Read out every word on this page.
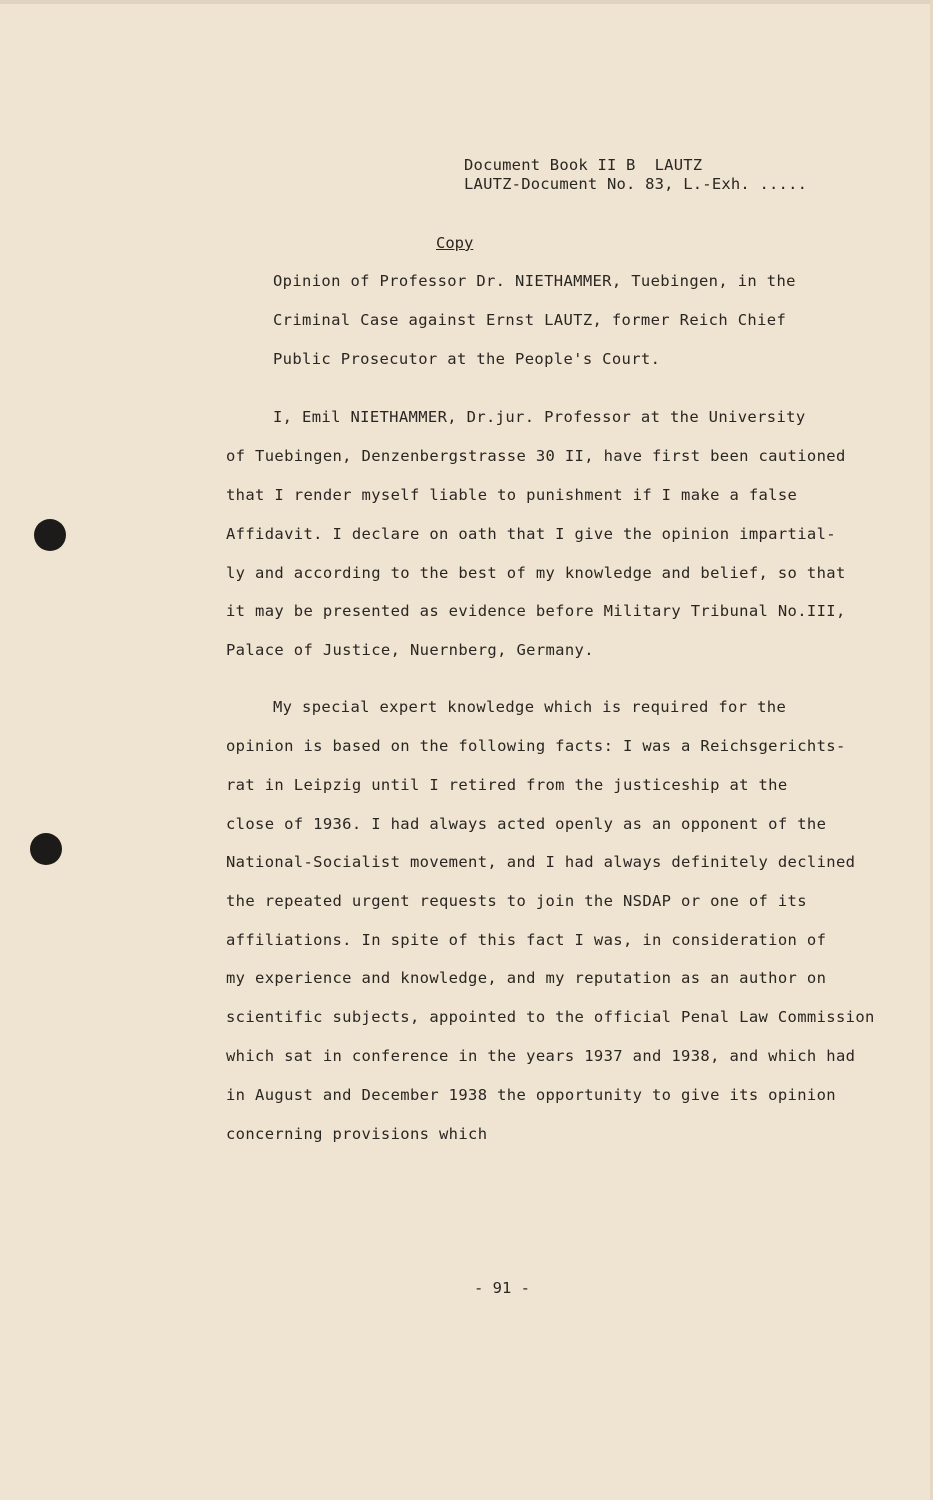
Document Book II B  LAUTZ
LAUTZ-Document No. 83, L.-Exh. .....
Copy
Opinion of Professor Dr. NIETHAMMER, Tuebingen, in the
Criminal Case against Ernst LAUTZ, former Reich Chief
Public Prosecutor at the People's Court.
I, Emil NIETHAMMER, Dr.jur. Professor at the University
of Tuebingen, Denzenbergstrasse 30 II, have first been cautioned
that I render myself liable to punishment if I make a false
Affidavit. I declare on oath that I give the opinion impartial-
ly and according to the best of my knowledge and belief, so that
it may be presented as evidence before Military Tribunal No.III,
Palace of Justice, Nuernberg, Germany.
My special expert knowledge which is required for the
opinion is based on the following facts: I was a Reichsgerichts-
rat in Leipzig until I retired from the justiceship at the
close of 1936. I had always acted openly as an opponent of the
National-Socialist movement, and I had always definitely declined
the repeated urgent requests to join the NSDAP or one of its
affiliations. In spite of this fact I was, in consideration of
my experience and knowledge, and my reputation as an author on
scientific subjects, appointed to the official Penal Law Commission
which sat in conference in the years 1937 and 1938, and which had
in August and December 1938 the opportunity to give its opinion
concerning provisions which
- 91 -
